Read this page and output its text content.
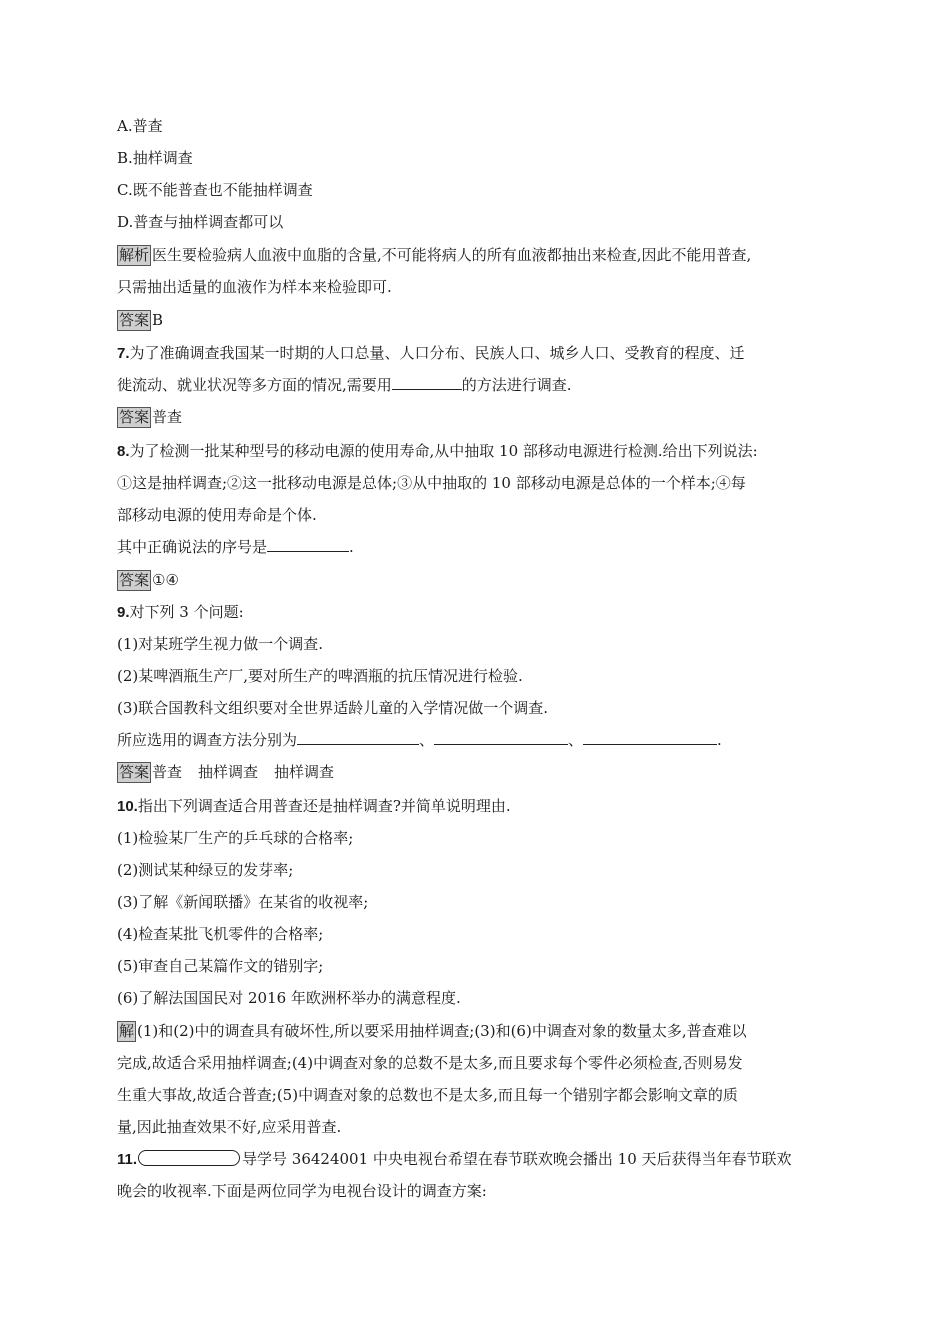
A.普查
B.抽样调查
C.既不能普查也不能抽样调查
D.普查与抽样调查都可以
解析 医生要检验病人血液中血脂的含量,不可能将病人的所有血液都抽出来检查,因此不能用普查,
只需抽出适量的血液作为样本来检验即可.
答案 B
7.为了准确调查我国某一时期的人口总量、人口分布、民族人口、城乡人口、受教育的程度、迁
徙流动、就业状况等多方面的情况,需要用	的方法进行调查.
答案 普查
8.为了检测一批某种型号的移动电源的使用寿命,从中抽取 10 部移动电源进行检测.给出下列说法:
①这是抽样调查;②这一批移动电源是总体;③从中抽取的 10 部移动电源是总体的一个样本;④每
部移动电源的使用寿命是个体.
其中正确说法的序号是	.
答案 ①④
9.对下列 3 个问题:
(1)对某班学生视力做一个调查.
(2)某啤酒瓶生产厂,要对所生产的啤酒瓶的抗压情况进行检验.
(3)联合国教科文组织要对全世界适龄儿童的入学情况做一个调查.
所应选用的调查方法分别为	、	、	.
答案 普查 抽样调查 抽样调查
10.指出下列调查适合用普查还是抽样调查?并简单说明理由.
(1)检验某厂生产的乒乓球的合格率;
(2)测试某种绿豆的发芽率;
(3)了解《新闻联播》在某省的收视率;
(4)检查某批飞机零件的合格率;
(5)审查自己某篇作文的错别字;
(6)了解法国国民对 2016 年欧洲杯举办的满意程度.
解 (1)和(2)中的调查具有破坏性,所以要采用抽样调查;(3)和(6)中调查对象的数量太多,普查难以
完成,故适合采用抽样调查;(4)中调查对象的总数不是太多,而且要求每个零件必须检查,否则易发
生重大事故,故适合普查;(5)中调查对象的总数也不是太多,而且每一个错别字都会影响文章的质
量,因此抽查效果不好,应采用普查.
11.	导学号 36424001 中央电视台希望在春节联欢晚会播出 10 天后获得当年春节联欢
晚会的收视率.下面是两位同学为电视台设计的调查方案:
